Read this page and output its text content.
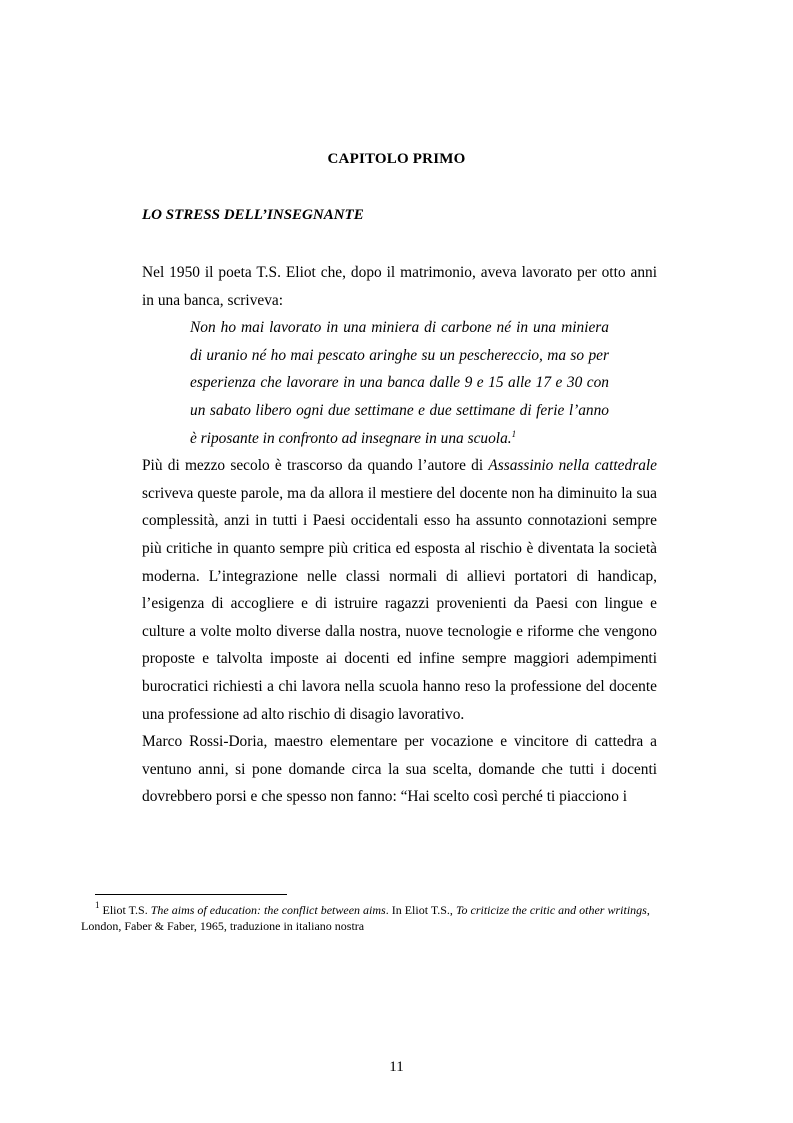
CAPITOLO PRIMO
LO STRESS DELL’INSEGNANTE

Nel 1950 il poeta T.S. Eliot che, dopo il matrimonio, aveva lavorato per otto anni in una banca, scriveva:

Non ho mai lavorato in una miniera di carbone né in una miniera di uranio né ho mai pescato aringhe su un peschereccio, ma so per esperienza che lavorare in una banca dalle 9 e 15 alle 17 e 30 con un sabato libero ogni due settimane e due settimane di ferie l’anno è riposante in confronto ad insegnare in una scuola.$^1$

Più di mezzo secolo è trascorso da quando l’autore di Assassinio nella cattedrale scriveva queste parole, ma da allora il mestiere del docente non ha diminuito la sua complessità, anzi in tutti i Paesi occidentali esso ha assunto connotazioni sempre più critiche in quanto sempre più critica ed esposta al rischio è diventata la società moderna. L’integrazione nelle classi normali di allievi portatori di handicap, l’esigenza di accogliere e di istruire ragazzi provenienti da Paesi con lingue e culture a volte molto diverse dalla nostra, nuove tecnologie e riforme che vengono proposte e talvolta imposte ai docenti ed infine sempre maggiori adempimenti burocratici richiesti a chi lavora nella scuola hanno reso la professione del docente una professione ad alto rischio di disagio lavorativo.

Marco Rossi-Doria, maestro elementare per vocazione e vincitore di cattedra a ventuno anni, si pone domande circa la sua scelta, domande che tutti i docenti dovrebbero porsi e che spesso non fanno: “Hai scelto così perché ti piacciono i

$^1$ Eliot T.S. The aims of education: the conflict between aims. In Eliot T.S., To criticize the critic and other writings, London, Faber & Faber, 1965, traduzione in italiano nostra
11
